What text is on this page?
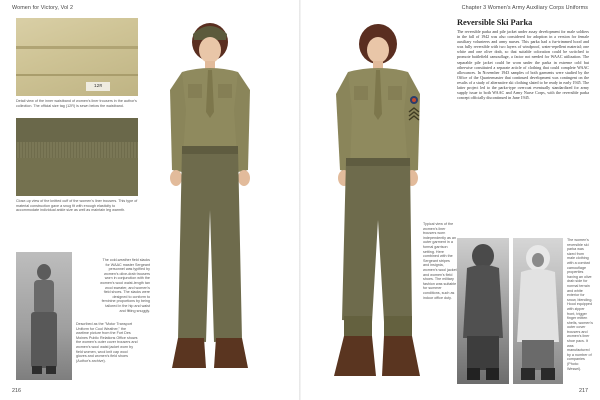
Women for Victory, Vol 2	Chapter 3 Women's Army Auxiliary Corps Uniforms
12R
Detail view of the inner waistband of women's liner trousers in the author's collection. The official size tag (12R) is sewn below the waistband.
Close-up view of the knitted cuff of the women's liner trousers. This type of material construction gave a snug fit with enough elasticity to accommodate individual ankle size as well as maintain leg warmth.
Described as the "Motor Transport Uniform for Cool Weather," the wartime picture from the Fort Des Moines Public Relations Office shows the women's outer cover trousers and women's wool waist jacket worn by field women, wool knit cap wool gloves and women's field shoes (Author's archive).
The cold-weather field slacks for WAAC master Sergeant personnel was typified by women's olive-drab trousers worn in conjunction with the women's wool waist-length tan wool sweater, and women's field shoes. The slacks were designed to conform to feminine proportions by being tailored in the hip and waist and fitting snuggly.
216
Typical view of the women's liner trousers worn independently as an outer garment in a formal garrison setting. Here combined with the Sergeant stripes and insignia, women's wool jacket and women's field shoes. The military fashion was suitable for summer conditions, such as indoor office duty.
Reversible Ski Parka
The reversible parka and pile jacket under assay development for male soldiers in the fall of 1942 was also considered for adoption in a version for female auxiliary volunteers and army nurses. This parka had a fur-trimmed hood and was fully reversible with two layers of windproof, water-repellent material; one white and one olive drab, so that suitable coloration could be switched to promote battlefield camouflage, a factor not needed for WAAC utilization. The separable pile jacket could be worn under the parka in extreme cold but otherwise constituted a separate article of clothing that could complete WAAC allowances. In November 1943 samples of both garments were studied by the Office of the Quartermaster that continued development was contingent on the results of a study of alternative ski clothing slated to be ready in early 1945. The latter project led to the parka-type overcoat eventually standardized for army supply issue to both WAAC and Army Nurse Corps, with the reversible parka concept officially discontinued in June 1945.
The women's reversible ski parka was sized from male clothing with a combat camouflage properties having an olive drab side for normal terrain and white exterior for snow, blending. Hood equipped with zipper front, trigger finger mitten shells, women's outer cover trousers and women's liner shoe pacs. It was manufactured by a number of companies (Photo: Wessel).
217
